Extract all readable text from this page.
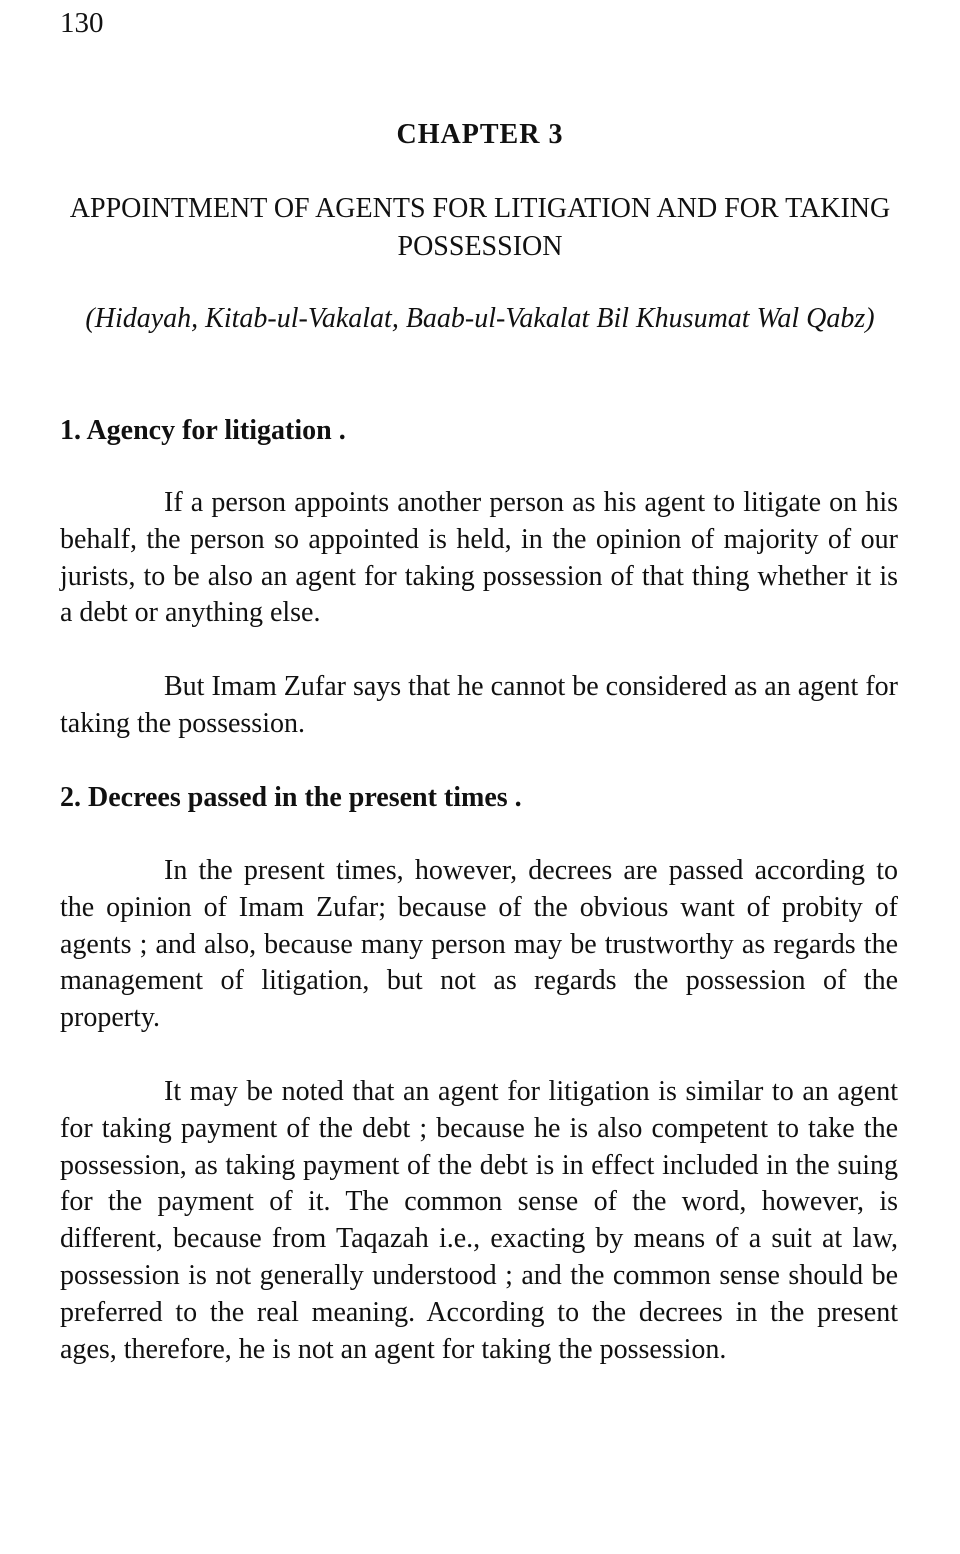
130
CHAPTER 3
APPOINTMENT OF AGENTS FOR LITIGATION AND FOR TAKING POSSESSION
(Hidayah, Kitab-ul-Vakalat, Baab-ul-Vakalat Bil Khusumat Wal Qabz)
1. Agency for litigation .

If a person appoints another person as his agent to litigate on his behalf, the person so appointed is held, in the opinion of majority of our jurists, to be also an agent for taking possession of that thing whether it is a debt or anything else.

But Imam Zufar says that he cannot be considered as an agent for taking the possession.

2. Decrees passed in the present times .

In the present times, however, decrees are passed according to the opinion of Imam Zufar; because of the obvious want of probity of agents ; and also, because many person may be trustworthy as regards the management of litigation, but not as regards the possession of the property.

It may be noted that an agent for litigation is similar to an agent for taking payment of the debt ; because he is also competent to take the possession, as taking payment of the debt is in effect included in the suing for the payment of it. The common sense of the word, however, is different, because from Taqazah i.e., exacting by means of a suit at law, possession is not generally understood ; and the common sense should be preferred to the real meaning. According to the decrees in the present ages, therefore, he is not an agent for taking the possession.
